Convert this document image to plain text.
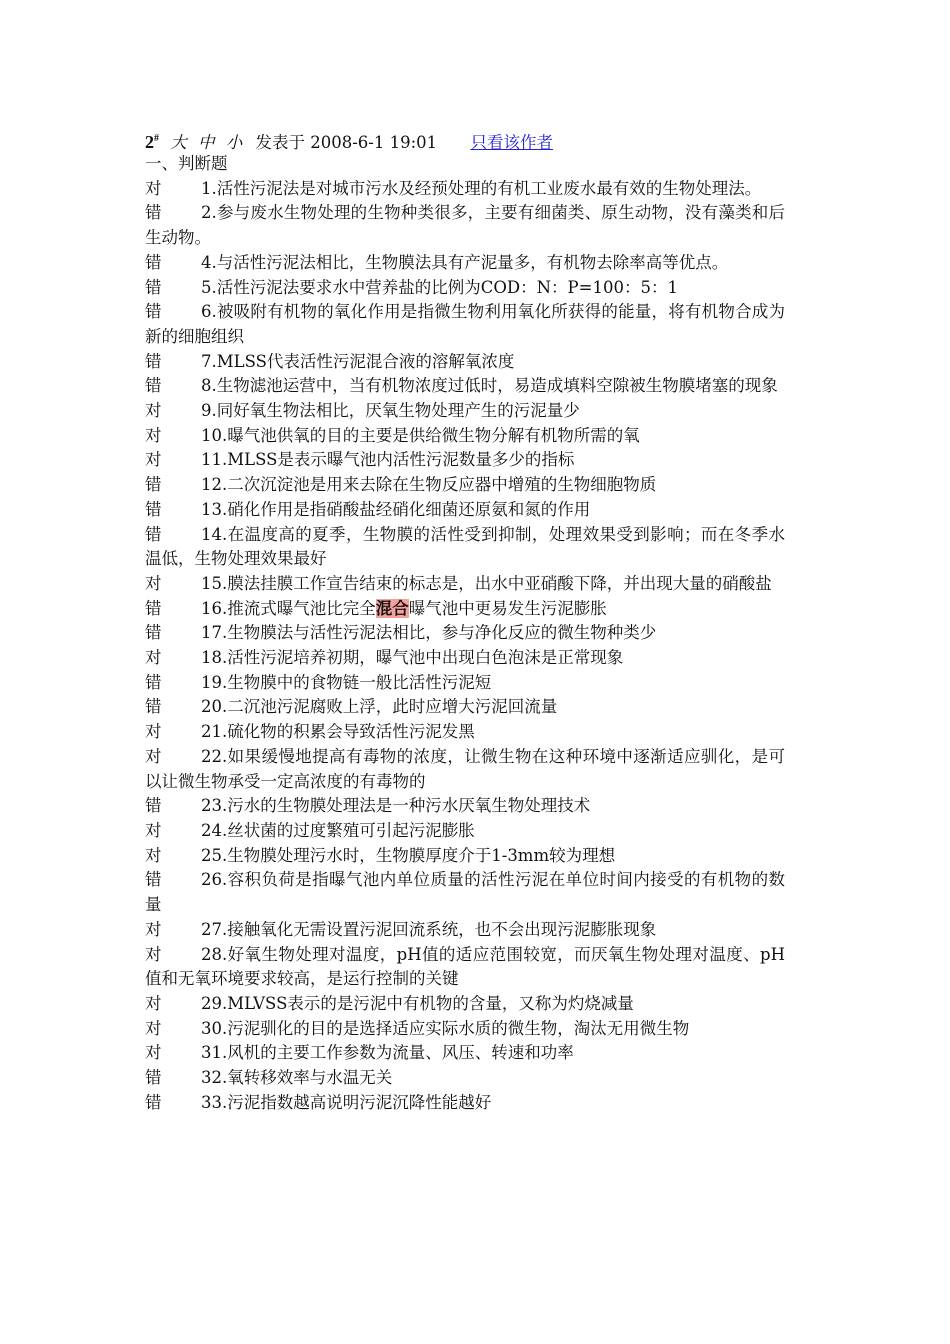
2# 大 中 小 发表于 2008-6-1 19:01 只看该作者
一、判断题
对 1.活性污泥法是对城市污水及经预处理的有机工业废水最有效的生物处理法。
错 2.参与废水生物处理的生物种类很多，主要有细菌类、原生动物，没有藻类和后生动物。
错 4.与活性污泥法相比，生物膜法具有产泥量多，有机物去除率高等优点。
错 5.活性污泥法要求水中营养盐的比例为COD：N：P=100：5：1
错 6.被吸附有机物的氧化作用是指微生物利用氧化所获得的能量，将有机物合成为新的细胞组织
错 7.MLSS代表活性污泥混合液的溶解氧浓度
错 8.生物滤池运营中，当有机物浓度过低时，易造成填料空隙被生物膜堵塞的现象
对 9.同好氧生物法相比，厌氧生物处理产生的污泥量少
对 10.曝气池供氧的目的主要是供给微生物分解有机物所需的氧
对 11.MLSS是表示曝气池内活性污泥数量多少的指标
错 12.二次沉淀池是用来去除在生物反应器中增殖的生物细胞物质
错 13.硝化作用是指硝酸盐经硝化细菌还原氨和氮的作用
错 14.在温度高的夏季，生物膜的活性受到抑制，处理效果受到影响；而在冬季水温低，生物处理效果最好
对 15.膜法挂膜工作宣告结束的标志是，出水中亚硝酸下降，并出现大量的硝酸盐
错 16.推流式曝气池比完全混合曝气池中更易发生污泥膨胀
错 17.生物膜法与活性污泥法相比，参与净化反应的微生物种类少
对 18.活性污泥培养初期，曝气池中出现白色泡沫是正常现象
错 19.生物膜中的食物链一般比活性污泥短
错 20.二沉池污泥腐败上浮，此时应增大污泥回流量
对 21.硫化物的积累会导致活性污泥发黑
对 22.如果缓慢地提高有毒物的浓度，让微生物在这种环境中逐渐适应驯化，是可以让微生物承受一定高浓度的有毒物的
错 23.污水的生物膜处理法是一种污水厌氧生物处理技术
对 24.丝状菌的过度繁殖可引起污泥膨胀
对 25.生物膜处理污水时，生物膜厚度介于1-3mm较为理想
错 26.容积负荷是指曝气池内单位质量的活性污泥在单位时间内接受的有机物的数量
对 27.接触氧化无需设置污泥回流系统，也不会出现污泥膨胀现象
对 28.好氧生物处理对温度，pH值的适应范围较宽，而厌氧生物处理对温度、pH值和无氧环境要求较高，是运行控制的关键
对 29.MLVSS表示的是污泥中有机物的含量，又称为灼烧减量
对 30.污泥驯化的目的是选择适应实际水质的微生物，淘汰无用微生物
对 31.风机的主要工作参数为流量、风压、转速和功率
错 32.氧转移效率与水温无关
错 33.污泥指数越高说明污泥沉降性能越好
